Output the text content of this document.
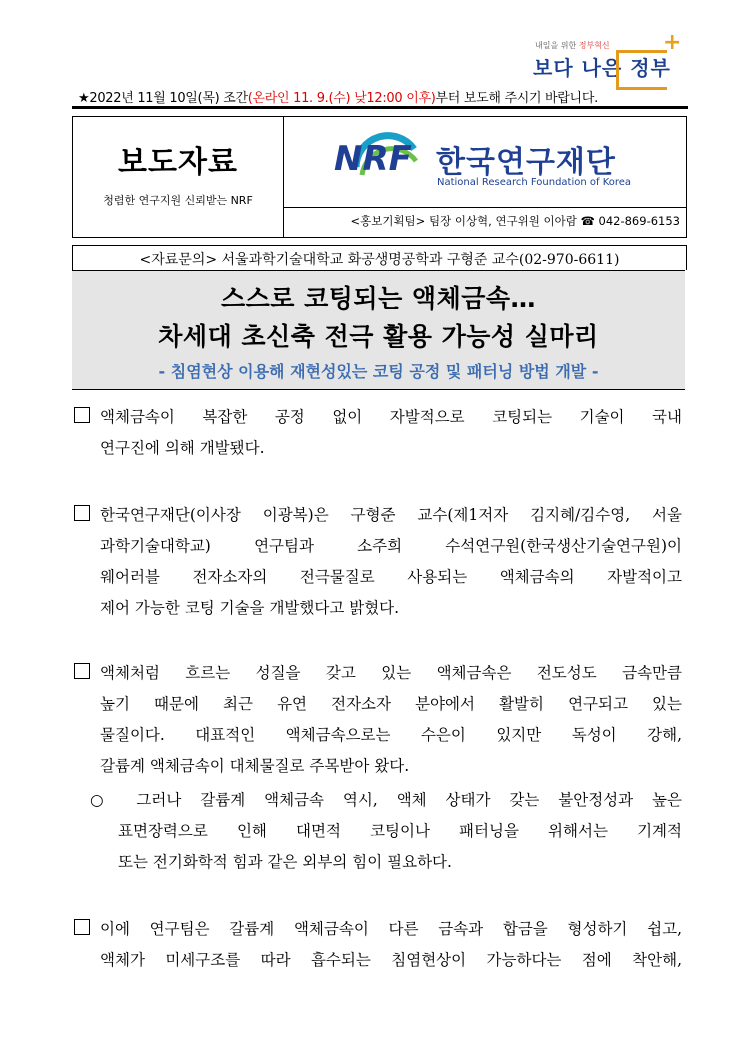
내일을 위한 정부혁신
보다 나은 정부
+
★2022년 11월 10일(목) 조간(온라인 11. 9.(수) 낮12:00 이후)부터 보도해 주시기 바랍니다.
보도자료
청렴한 연구지원 신뢰받는 NRF
NRF 한국연구재단
National Research Foundation of Korea
<홍보기획팀> 팀장 이상혁, 연구위원 이아람 ☎ 042-869-6153
<자료문의> 서울과학기술대학교 화공생명공학과 구형준 교수(02-970-6611)
스스로 코팅되는 액체금속…
차세대 초신축 전극 활용 가능성 실마리
- 침염현상 이용해 재현성있는 코팅 공정 및 패터닝 방법 개발 -
액체금속이 복잡한 공정 없이 자발적으로 코팅되는 기술이 국내
연구진에 의해 개발됐다.
한국연구재단(이사장 이광복)은 구형준 교수(제1저자 김지혜/김수영, 서울
과학기술대학교) 연구팀과 소주희 수석연구원(한국생산기술연구원)이
웨어러블 전자소자의 전극물질로 사용되는 액체금속의 자발적이고
제어 가능한 코팅 기술을 개발했다고 밝혔다.
액체처럼 흐르는 성질을 갖고 있는 액체금속은 전도성도 금속만큼
높기 때문에 최근 유연 전자소자 분야에서 활발히 연구되고 있는
물질이다. 대표적인 액체금속으로는 수은이 있지만 독성이 강해,
갈륨계 액체금속이 대체물질로 주목받아 왔다.
○ 그러나 갈륨계 액체금속 역시, 액체 상태가 갖는 불안정성과 높은
표면장력으로 인해 대면적 코팅이나 패터닝을 위해서는 기계적
또는 전기화학적 힘과 같은 외부의 힘이 필요하다.
이에 연구팀은 갈륨계 액체금속이 다른 금속과 합금을 형성하기 쉽고,
액체가 미세구조를 따라 흡수되는 침염현상이 가능하다는 점에 착안해,
